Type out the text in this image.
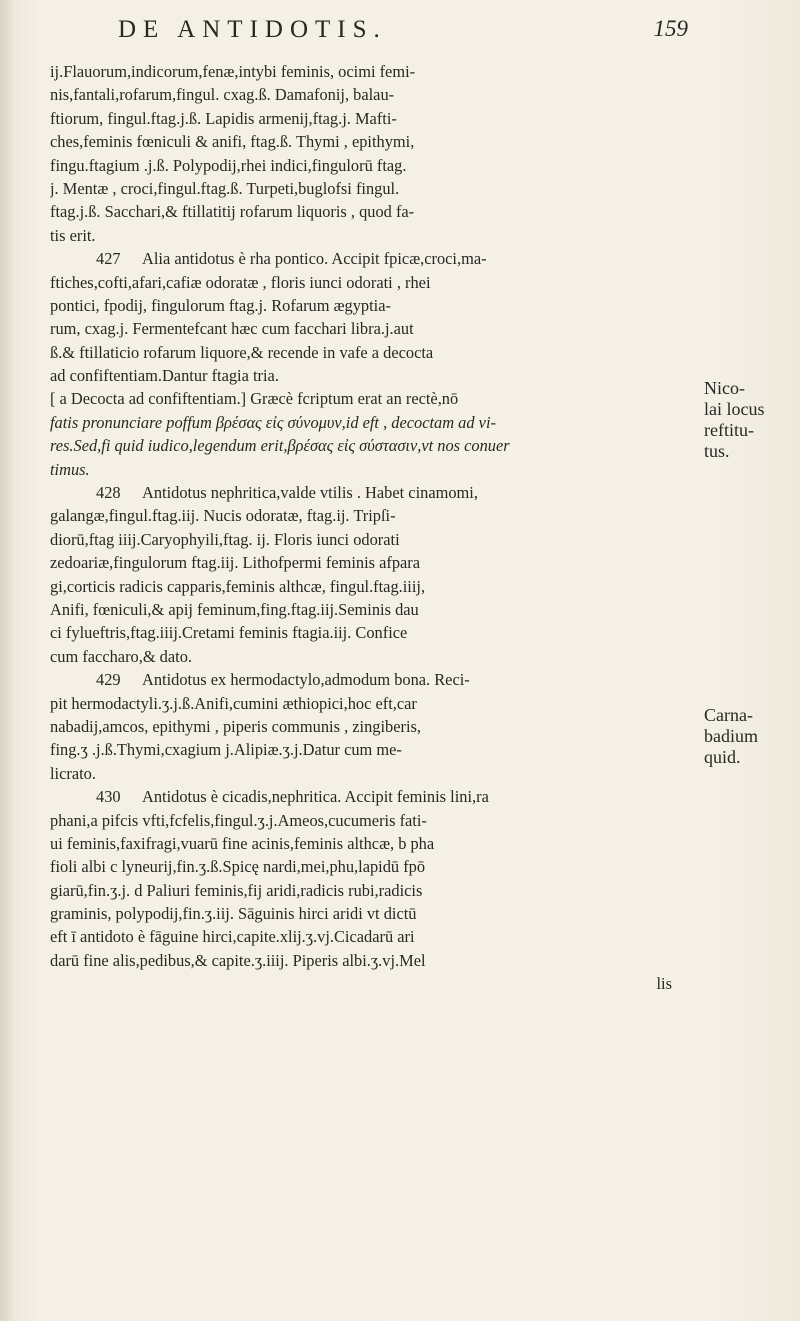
DE ANTIDOTIS.	159
ij.Flauorum,indicorum,fenæ,intybi feminis, ocimi femi-
nis,fantali,rofarum,fingul. cxag.ß. Damafonij, balau-
ftiorum, fingul.ftag.j.ß. Lapidis armenij,ftag.j. Mafti-
ches,feminis fœniculi & anifi, ftag.ß. Thymi , epithymi,
fingu.ftagium .j.ß. Polypodij,rhei indici,fingulorū ftag.
j. Mentæ , croci,fingul.ftag.ß. Turpeti,buglofsi fingul.
ftag.j.ß. Sacchari,& ftillatitij rofarum liquoris , quod fa-
tis erit.
427 Alia antidotus è rha pontico. Accipit fpicæ,croci,ma-
ftiches,cofti,afari,cafiæ odoratæ , floris iunci odorati , rhei
pontici, fpodij, fingulorum ftag.j. Rofarum ægyptia-
rum, cxag.j. Fermentefcant hæc cum facchari libra.j.aut
ß.& ftillaticio rofarum liquore,& recende in vafe a decocta
ad confiftentiam.Dantur ftagia tria.
[ a Decocta ad confiftentiam.] Græcè fcriptum erat an rectè,nō
fatis pronunciare poffum βρέσας εἰς σύνομυν,id eft , decoctam ad vi-
res.Sed,fi quid iudico,legendum erit,βρέσας εἰς σύστασιν,vt nos conuer
timus.
428 Antidotus nephritica,valde vtilis . Habet cinamomi,
galangæ,fingul.ftag.iij. Nucis odoratæ, ftag.ij. Tripſi-
diorū,ftag iiij.Caryophyili,ftag. ij. Floris iunci odorati
zedoariæ,fingulorum ftag.iij. Lithofpermi feminis afpara
gi,corticis radicis capparis,feminis althcæ, fingul.ftag.iiij,
Anifi, fœniculi,& apij feminum,fing.ftag.iij.Seminis dau
ci fylueftris,ftag.iiij.Cretami feminis ftagia.iij. Confice
cum faccharo,& dato.
429 Antidotus ex hermodactylo,admodum bona. Reci-
pit hermodactyli.ʒ.j.ß.Anifi,cumini æthiopici,hoc eft,car
nabadij,amcos, epithymi , piperis communis , zingiberis,
fing.ʒ .j.ß.Thymi,cxagium j.Alipiæ.ʒ.j.Datur cum me-
licrato.
430 Antidotus è cicadis,nephritica. Accipit feminis lini,ra
phani,a pifcis vfti,fcfelis,fingul.ʒ.j.Ameos,cucumeris fati-
ui feminis,faxifragi,vuarū fine acinis,feminis althcæ, b pha
fioli albi c lyneurij,fin.ʒ.ß.Spicę nardi,mei,phu,lapidū fpō
giarū,fin.ʒ.j. d Paliuri feminis,fij aridi,radicis rubi,radicis
graminis, polypodij,fin.ʒ.iij. Sāguinis hirci aridi vt dictū
eft ī antidoto è fāguine hirci,capite.xlij.ʒ.vj.Cicadarū ari
darū fine alis,pedibus,& capite.ʒ.iiij. Piperis albi.ʒ.vj.Mel
lis
Nico-
lai locus
reftitu-
tus.
Carna-
badium
quid.
